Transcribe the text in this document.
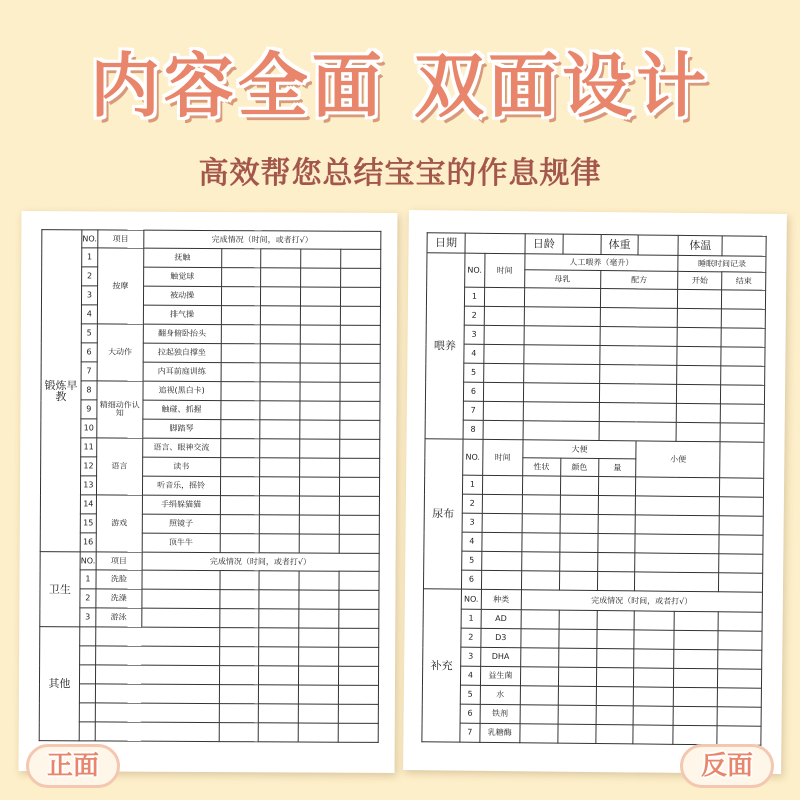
内容全面 双面设计
高效帮您总结宝宝的作息规律
锻炼早教	NO.	项目	完成情况（时间，或者打√）				
	1	按摩	抚触				
	2		触觉球				
	3		被动操				
	4		排气操				
	5	大动作	翻身俯卧抬头				
	6		拉起独自撑坐				
	7		内耳前庭训练				
	8	精细动作认知	追视(黑白卡)				
	9		触碰、抓握				
	10		脚踏琴				
	11	语言	语言、眼神交流				
	12		读书				
	13		听音乐，摇铃				
	14	游戏	手绢躲猫猫				
	15		照镜子				
	16		顶牛牛				
卫生	NO.	项目	完成情况（时间，或者打√）				
	1	洗脸					
	2	洗澡					
	3	游泳					
其他							

日期			日龄		体重		体温	
喂养	NO.	时间	人工喂养（毫升）				睡眠时间记录	
			母乳		配方		开始	结束
	1							
	2							
	3							
	4							
	5							
	6							
	7							
	8							
尿布	NO.	时间	大便			小便		
			性状	颜色	量			
	1							
	2							
	3							
	4							
	5							
	6							
补充	NO.	种类	完成情况（时间，或者打√）					
	1	AD						
	2	D3						
	3	DHA						
	4	益生菌						
	5	水						
	6	铁剂						
	7	乳糖酶						
正面	反面
